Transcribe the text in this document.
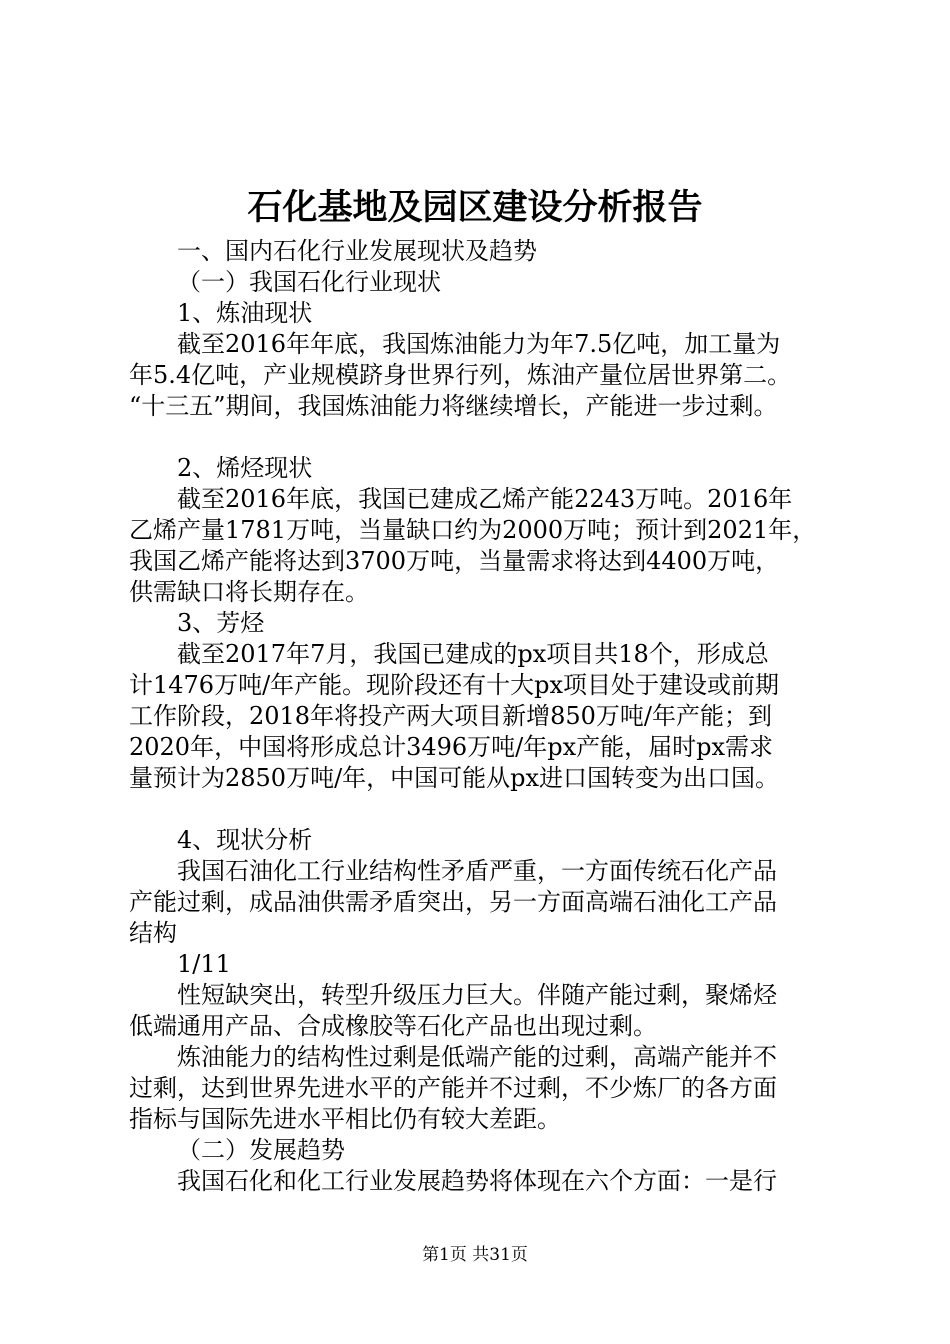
石化基地及园区建设分析报告
一、国内石化行业发展现状及趋势
（一）我国石化行业现状
1、炼油现状
截至2016年年底，我国炼油能力为年7.5亿吨，加工量为
年5.4亿吨，产业规模跻身世界行列，炼油产量位居世界第二。
“十三五”期间，我国炼油能力将继续增长，产能进一步过剩。
2、烯烃现状
截至2016年底，我国已建成乙烯产能2243万吨。2016年
乙烯产量1781万吨，当量缺口约为2000万吨；预计到2021年，
我国乙烯产能将达到3700万吨，当量需求将达到4400万吨，
供需缺口将长期存在。
3、芳烃
截至2017年7月，我国已建成的px项目共18个，形成总
计1476万吨/年产能。现阶段还有十大px项目处于建设或前期
工作阶段，2018年将投产两大项目新增850万吨/年产能；到
2020年，中国将形成总计3496万吨/年px产能，届时px需求
量预计为2850万吨/年，中国可能从px进口国转变为出口国。
4、现状分析
我国石油化工行业结构性矛盾严重，一方面传统石化产品
产能过剩，成品油供需矛盾突出，另一方面高端石油化工产品
结构
1/11
性短缺突出，转型升级压力巨大。伴随产能过剩，聚烯烃
低端通用产品、合成橡胶等石化产品也出现过剩。
炼油能力的结构性过剩是低端产能的过剩，高端产能并不
过剩，达到世界先进水平的产能并不过剩，不少炼厂的各方面
指标与国际先进水平相比仍有较大差距。
（二）发展趋势
我国石化和化工行业发展趋势将体现在六个方面：一是行
第1页 共31页
